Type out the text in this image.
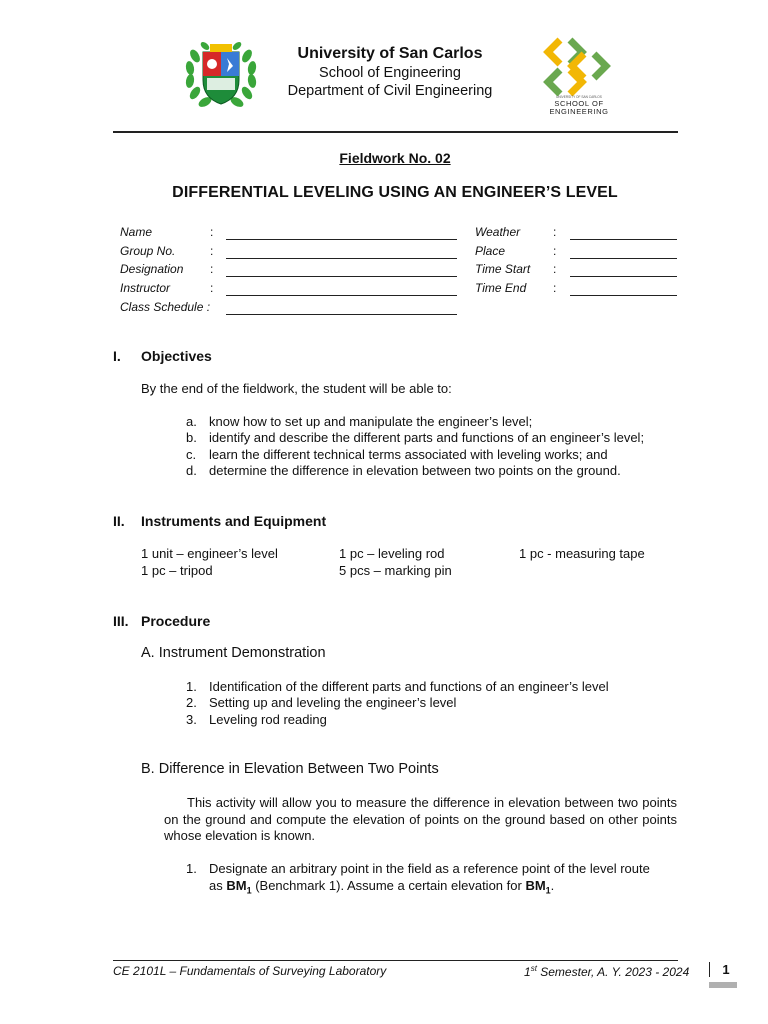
University of San Carlos
School of Engineering
Department of Civil Engineering	UNIVERSITY OF SAN CARLOS
SCHOOL OF
ENGINEERING
Fieldwork No. 02
DIFFERENTIAL LEVELING USING AN ENGINEER’S LEVEL
Name	:
Group No.	:
Designation :
Instructor	:
Class Schedule :
Weather	:
Place	:
Time Start :
Time End :
I. Objectives
By the end of the fieldwork, the student will be able to:
a. know how to set up and manipulate the engineer’s level;
b. identify and describe the different parts and functions of an engineer’s level;
c. learn the different technical terms associated with leveling works; and
d. determine the difference in elevation between two points on the ground.
II. Instruments and Equipment
1 unit – engineer’s level	1 pc – leveling rod	1 pc - measuring tape
1 pc – tripod	5 pcs – marking pin
III. Procedure
A. Instrument Demonstration
1. Identification of the different parts and functions of an engineer’s level
2. Setting up and leveling the engineer’s level
3. Leveling rod reading
B. Difference in Elevation Between Two Points
This activity will allow you to measure the difference in elevation between two points on the ground and compute the elevation of points on the ground based on other points whose elevation is known.
1. Designate an arbitrary point in the field as a reference point of the level route
as $BM_1$ (Benchmark 1). Assume a certain elevation for $BM_1$.
CE 2101L – Fundamentals of Surveying Laboratory	1st Semester, A. Y. 2023 - 2024	1
